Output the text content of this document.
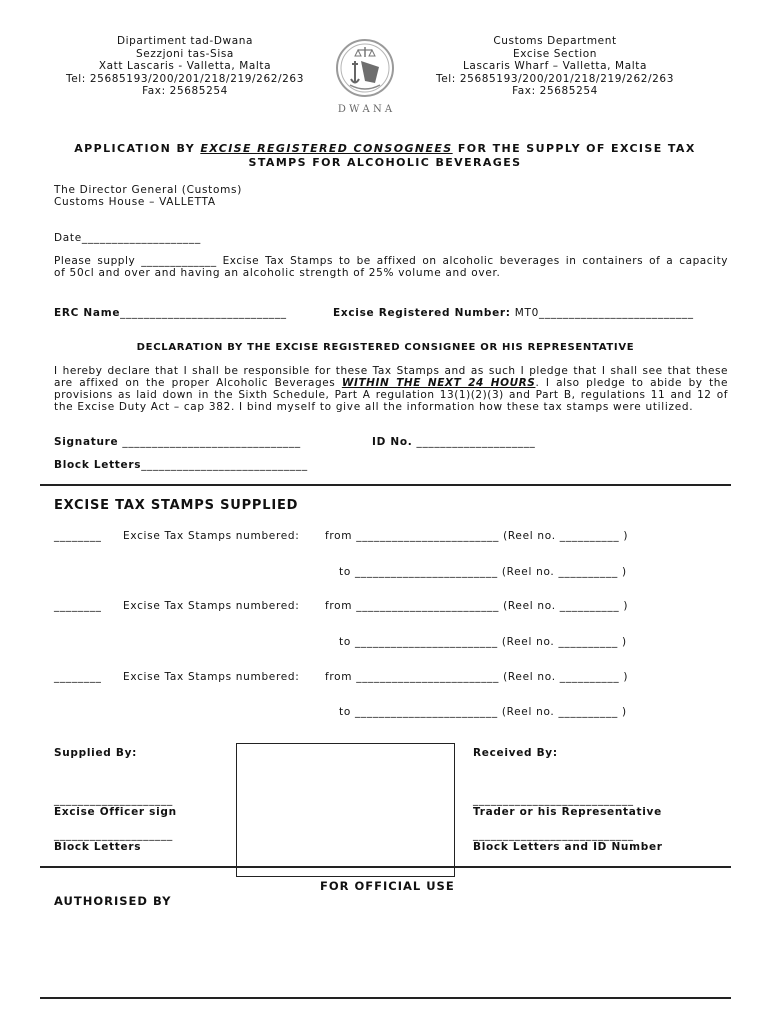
Dipartiment tad-Dwana
Sezzjoni tas-Sisa
Xatt Lascaris - Valletta, Malta
Tel: 25685193/200/201/218/219/262/263
Fax: 25685254
D W A N A
Customs Department
Excise Section
Lascaris Wharf – Valletta, Malta
Tel: 25685193/200/201/218/219/262/263
Fax: 25685254
APPLICATION BY EXCISE REGISTERED CONSOGNEES FOR THE SUPPLY OF EXCISE TAX
STAMPS FOR ALCOHOLIC BEVERAGES
The Director General (Customs)
Customs House – VALLETTA
Date____________________
Please supply _____________ Excise Tax Stamps to be affixed on alcoholic beverages in containers of a capacity
of 50cl and over and having an alcoholic strength of 25% volume and over.
ERC Name____________________________	Excise Registered Number: MT0__________________________
DECLARATION BY THE EXCISE REGISTERED CONSIGNEE OR HIS REPRESENTATIVE
I hereby declare that I shall be responsible for these Tax Stamps and as such I pledge that I shall see that these
are affixed on the proper Alcoholic Beverages WITHIN THE NEXT 24 HOURS. I also pledge to abide by the
provisions as laid down in the Sixth Schedule, Part A regulation 13(1)(2)(3) and Part B, regulations 11 and 12 of
the Excise Duty Act – cap 382. I bind myself to give all the information how these tax stamps were utilized.
Signature ______________________________	ID No. ____________________
Block Letters____________________________
EXCISE TAX STAMPS SUPPLIED
________ Excise Tax Stamps numbered: from ________________________ (Reel no. __________ )
to ________________________ (Reel no. __________ )
________ Excise Tax Stamps numbered: from ________________________ (Reel no. __________ )
to ________________________ (Reel no. __________ )
________ Excise Tax Stamps numbered: from ________________________ (Reel no. __________ )
to ________________________ (Reel no. __________ )
Supplied By:	Received By:
____________________
Excise Officer sign
____________________
Block Letters
___________________________
Trader or his Representative
___________________________
Block Letters and ID Number
FOR OFFICIAL USE
AUTHORISED BY
